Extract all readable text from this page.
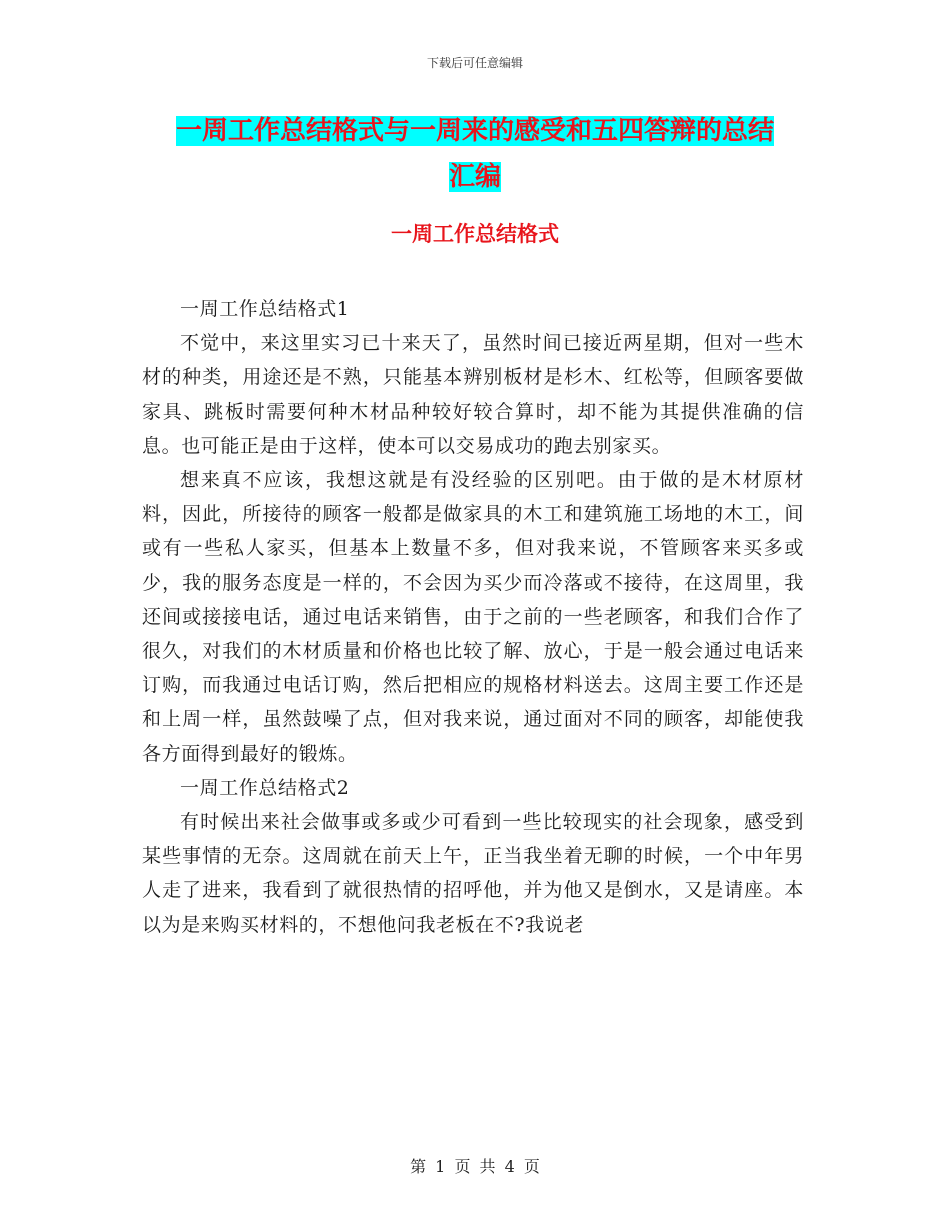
下载后可任意编辑
一周工作总结格式与一周来的感受和五四答辩的总结
汇编
一周工作总结格式

一周工作总结格式1

不觉中，来这里实习已十来天了，虽然时间已接近两星期，但对一些木材的种类，用途还是不熟，只能基本辨别板材是杉木、红松等，但顾客要做家具、跳板时需要何种木材品种较好较合算时，却不能为其提供准确的信息。也可能正是由于这样，使本可以交易成功的跑去别家买。

想来真不应该，我想这就是有没经验的区别吧。由于做的是木材原材料，因此，所接待的顾客一般都是做家具的木工和建筑施工场地的木工，间或有一些私人家买，但基本上数量不多，但对我来说，不管顾客来买多或少，我的服务态度是一样的，不会因为买少而冷落或不接待，在这周里，我还间或接接电话，通过电话来销售，由于之前的一些老顾客，和我们合作了很久，对我们的木材质量和价格也比较了解、放心，于是一般会通过电话来订购，而我通过电话订购，然后把相应的规格材料送去。这周主要工作还是和上周一样，虽然鼓噪了点，但对我来说，通过面对不同的顾客，却能使我各方面得到最好的锻炼。

一周工作总结格式2

有时候出来社会做事或多或少可看到一些比较现实的社会现象，感受到某些事情的无奈。这周就在前天上午，正当我坐着无聊的时候，一个中年男人走了进来，我看到了就很热情的招呼他，并为他又是倒水，又是请座。本以为是来购买材料的，不想他问我老板在不?我说老

第 1 页 共 4 页
